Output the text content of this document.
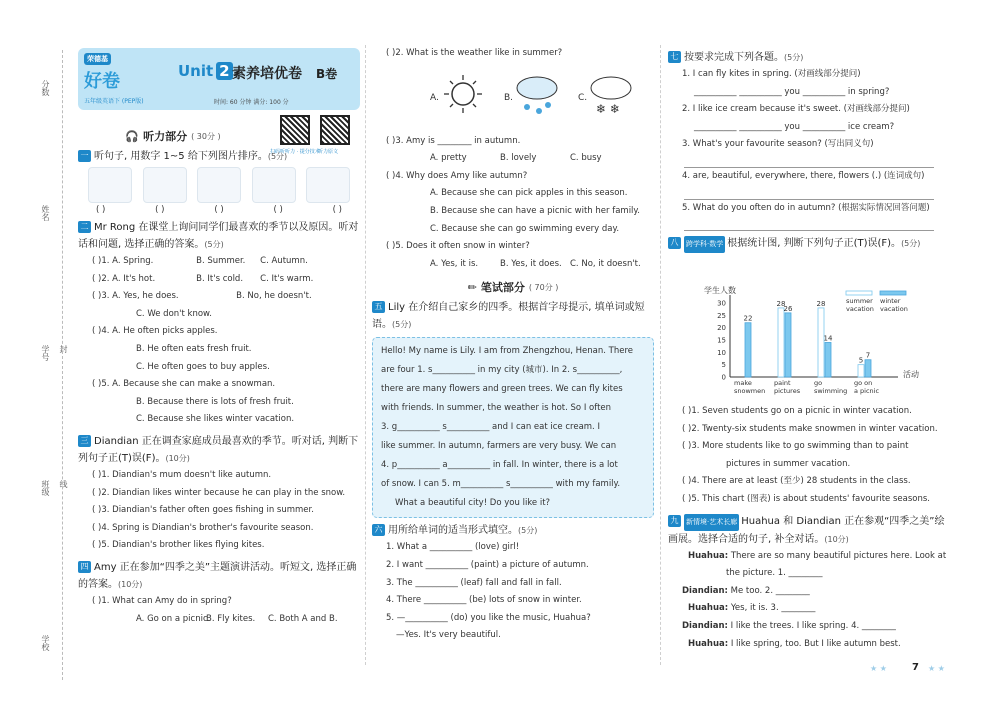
分数
姓名
学号
班级
学校
封
线
荣德基
好卷
五年级英语下 (PEP版)
Unit 2 素养培优卷 B卷
时间: 60 分钟 满分: 100 分
扫码听听力 · 提分技术
听力原文
🎧 听力部分 ( 30分 )
一 听句子, 用数字 1~5 给下列图片排序。(5分)
( )	( )	( )	( )	( )
二 Mr Rong 在课堂上询问同学们最喜欢的季节以及原因。听对话和问题, 选择正确的答案。(5分)
( )1. A. Spring.	B. Summer. C. Autumn.
( )2. A. It's hot.	B. It's cold. C. It's warm.
( )3. A. Yes, he does.	B. No, he doesn't.
C. We don't know.
( )4. A. He often picks apples.
B. He often eats fresh fruit.
C. He often goes to buy apples.
( )5. A. Because she can make a snowman.
B. Because there is lots of fresh fruit.
C. Because she likes winter vacation.
三 Diandian 正在调查家庭成员最喜欢的季节。听对话, 判断下列句子正(T)误(F)。(10分)
( )1. Diandian's mum doesn't like autumn.
( )2. Diandian likes winter because he can play in the snow.
( )3. Diandian's father often goes fishing in summer.
( )4. Spring is Diandian's brother's favourite season.
( )5. Diandian's brother likes flying kites.
四 Amy 正在参加“四季之美”主题演讲活动。听短文, 选择正确的答案。(10分)
( )1. What can Amy do in spring?
A. Go on a picnic.B. Fly kites. C. Both A and B.
( )2. What is the weather like in summer?
A.	B.	C.
❄ ❄
( )3. Amy is ________ in autumn.
A. pretty	B. lovely	C. busy
( )4. Why does Amy like autumn?
A. Because she can pick apples in this season.
B. Because she can have a picnic with her family.
C. Because she can go swimming every day.
( )5. Does it often snow in winter?
A. Yes, it is.	B. Yes, it does. C. No, it doesn't.
✏ 笔试部分 ( 70分 )
五 Lily 在介绍自己家乡的四季。根据首字母提示, 填单词或短语。(5分)
Hello! My name is Lily. I am from Zhengzhou, Henan. There
are four 1. s__________ in my city (城市). In 2. s__________,
there are many flowers and green trees. We can fly kites
with friends. In summer, the weather is hot. So I often
3. g__________ s__________ and I can eat ice cream. I
like summer. In autumn, farmers are very busy. We can
4. p__________ a__________ in fall. In winter, there is a lot
of snow. I can 5. m__________ s__________ with my family.
What a beautiful city! Do you like it?
六 用所给单词的适当形式填空。(5分)
1. What a __________ (love) girl!
2. I want __________ (paint) a picture of autumn.
3. The __________ (leaf) fall and fall in fall.
4. There __________ (be) lots of snow in winter.
5. —__________ (do) you like the music, Huahua?
—Yes. It's very beautiful.
七 按要求完成下列各题。(5分)
1. I can fly kites in spring. (对画线部分提问)
__________ __________ you __________ in spring?
2. I like ice cream because it's sweet. (对画线部分提问)
__________ __________ you __________ ice cream?
3. What's your favourite season? (写出同义句)
4. are, beautiful, everywhere, there, flowers (.) (连词成句)
5. What do you often do in autumn? (根据实际情况回答问题)
八 跨学科·数学 根据统计图, 判断下列句子正(T)误(F)。(5分)
学生人数
活动
0
5
10
15
20
25
30
22
make
snowmen
28
26
paint
pictures
28
14
go
swimming
5
7
go on
a picnic
summer
vacation
winter
vacation
( )1. Seven students go on a picnic in winter vacation.
( )2. Twenty-six students make snowmen in winter vacation.
( )3. More students like to go swimming than to paint
pictures in summer vacation.
( )4. There are at least (至少) 28 students in the class.
( )5. This chart (图表) is about students' favourite seasons.
九 新情境·艺术长廊 Huahua 和 Diandian 正在参观“四季之美”绘画展。选择合适的句子, 补全对话。(10分)
Huahua: There are so many beautiful pictures here. Look at
the picture. 1. ________
Diandian: Me too. 2. ________
Huahua: Yes, it is. 3. ________
Diandian: I like the trees. I like spring. 4. ________
Huahua: I like spring, too. But I like autumn best.
★ ★	7 ★ ★
